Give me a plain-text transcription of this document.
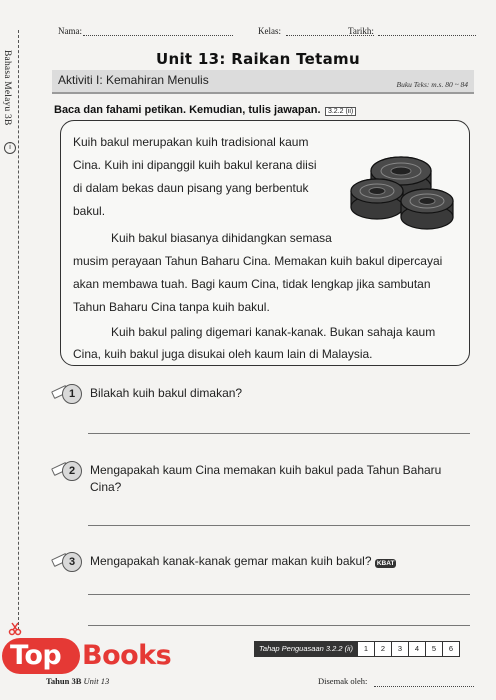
Bahasa Melayu 3B
i
Nama:	Kelas:	Tarikh:
Unit 13: Raikan Tetamu
Aktiviti I: Kemahiran Menulis	Buku Teks: m.s. 80 ~ 84
Baca dan fahami petikan. Kemudian, tulis jawapan. 3.2.2 (ii)
Kuih bakul merupakan kuih tradisional kaum
Cina. Kuih ini dipanggil kuih bakul kerana diisi
di dalam bekas daun pisang yang berbentuk
bakul.
Kuih bakul biasanya dihidangkan semasa
musim perayaan Tahun Baharu Cina. Memakan kuih bakul dipercayai
akan membawa tuah. Bagi kaum Cina, tidak lengkap jika sambutan
Tahun Baharu Cina tanpa kuih bakul.
Kuih bakul paling digemari kanak-kanak. Bukan sahaja kaum
Cina, kuih bakul juga disukai oleh kaum lain di Malaysia.
1	Bilakah kuih bakul dimakan?
2	Mengapakah kaum Cina memakan kuih bakul pada Tahun Baharu
Cina?
3	Mengapakah kanak-kanak gemar makan kuih bakul? KBAT
Tahap Penguasaan 3.2.2 (ii)	1	2	3	4	5	6
Top Books
Tahun 3B Unit 13	Disemak oleh:
